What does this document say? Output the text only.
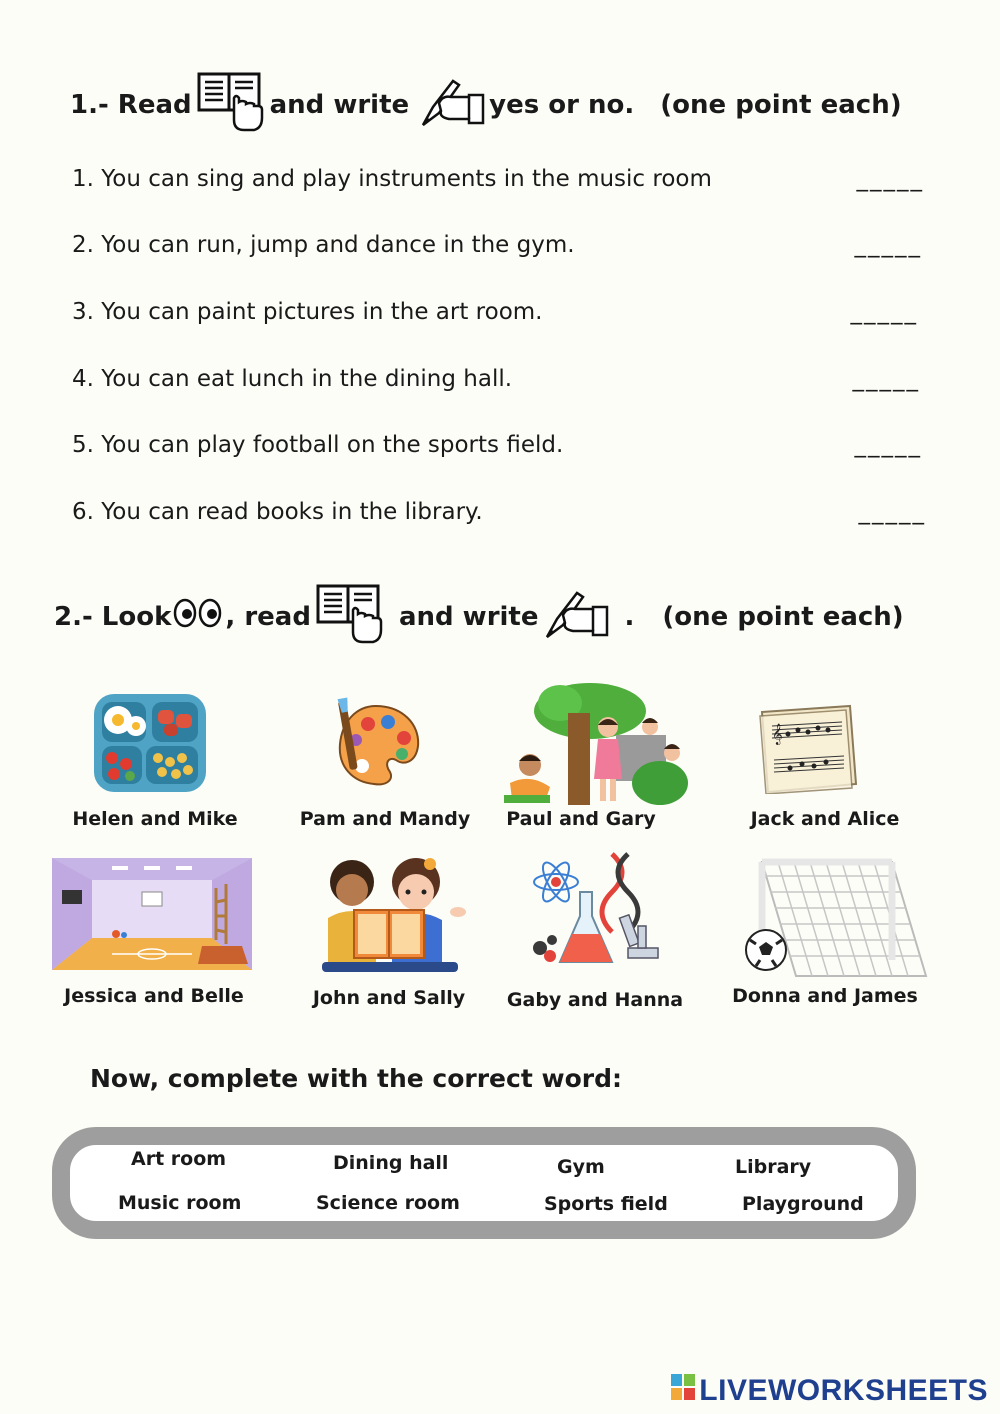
1.- Read	and write	yes or no. (one point each)
1. You can sing and play instruments in the music room	_____
2. You can run, jump and dance in the gym.	_____
3. You can paint pictures in the art room.	_____
4. You can eat lunch in the dining hall.	_____
5. You can play football on the sports field.	_____
6. You can read books in the library.	_____
2.- Look , read	and write	. (one point each)
Helen and Mike	Pam and Mandy	Paul and Gary
𝄞
Jack and Alice
Jessica and Belle	John and Sally	Gaby and Hanna	Donna and James
Now, complete with the correct word:
Art room	Dining hall	Gym	Library
Music room	Science room	Sports field	Playground
LIVEWORKSHEETS
